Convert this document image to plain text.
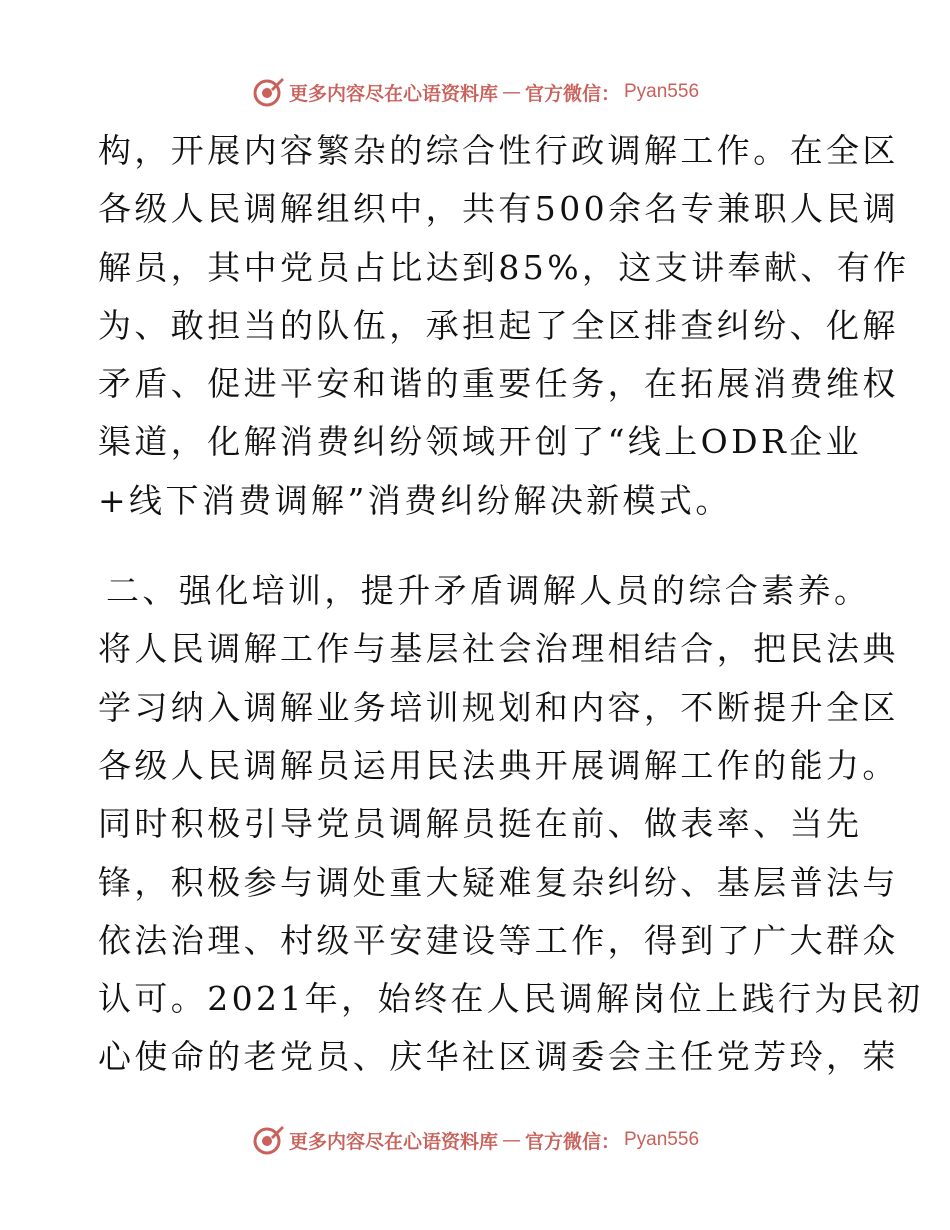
更多内容尽在心语资料库 — 官方微信： Pyan556
构，开展内容繁杂的综合性行政调解工作。在全区
各级人民调解组织中，共有500余名专兼职人民调
解员，其中党员占比达到85%，这支讲奉献、有作
为、敢担当的队伍，承担起了全区排查纠纷、化解
矛盾、促进平安和谐的重要任务，在拓展消费维权
渠道，化解消费纠纷领域开创了“线上ODR企业
+线下消费调解”消费纠纷解决新模式。
二、强化培训，提升矛盾调解人员的综合素养。
将人民调解工作与基层社会治理相结合，把民法典
学习纳入调解业务培训规划和内容，不断提升全区
各级人民调解员运用民法典开展调解工作的能力。
同时积极引导党员调解员挺在前、做表率、当先
锋，积极参与调处重大疑难复杂纠纷、基层普法与
依法治理、村级平安建设等工作，得到了广大群众
认可。2021年，始终在人民调解岗位上践行为民初
心使命的老党员、庆华社区调委会主任党芳玲，荣
更多内容尽在心语资料库 — 官方微信： Pyan556
